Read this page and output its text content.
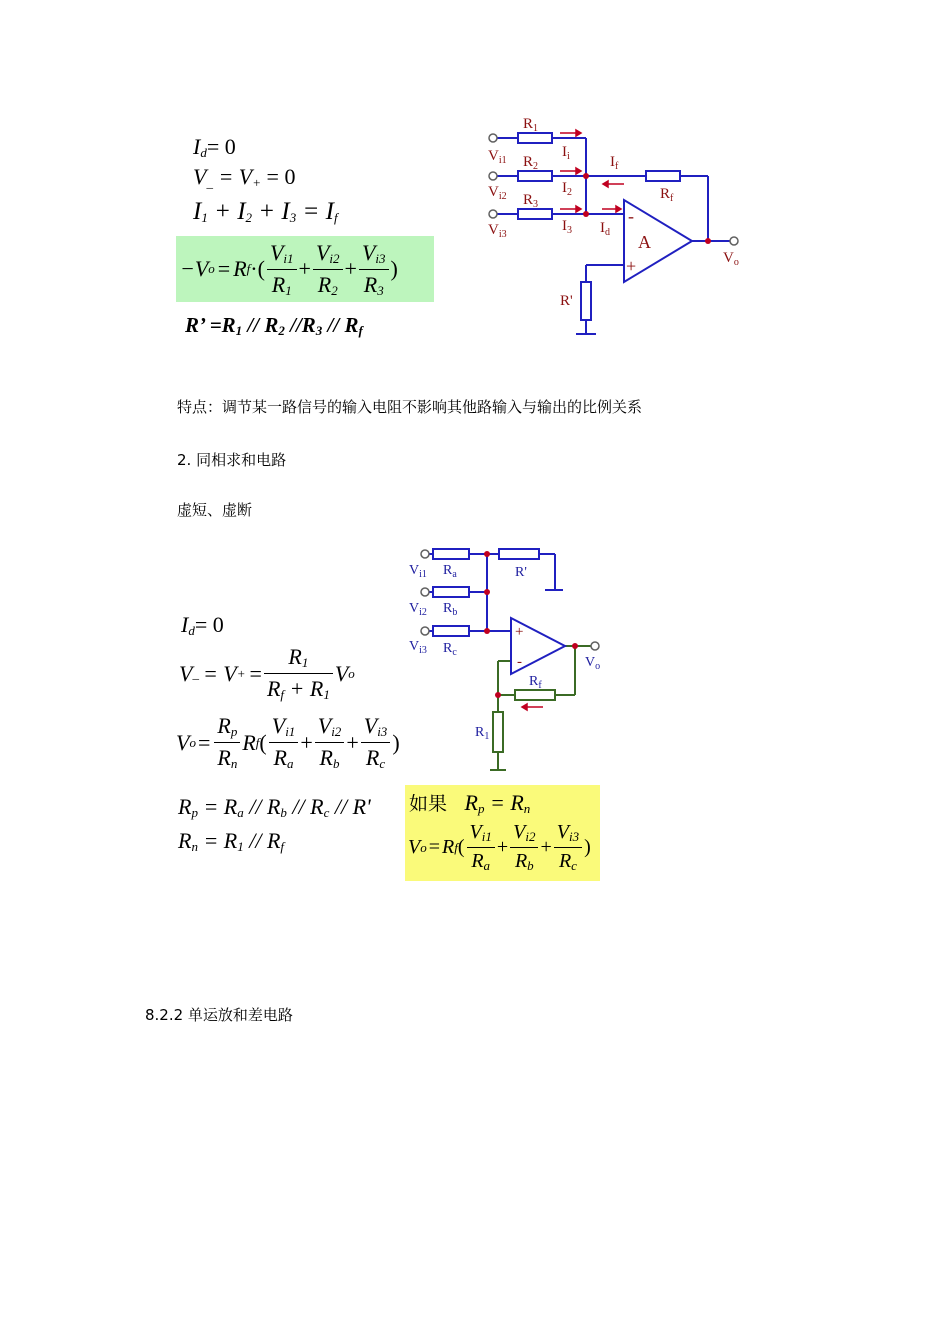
$I_d= 0$
$V_{\_} = V_+ = 0$
$I_1 + I_2 + I_3 = I_f$
−V o = R f ·( $\frac{V_{i1}}{R_1} + \frac{V_{i2}}{R_2} + \frac{V_{i3}}{R_3}$ )
R’ $=R_1 // R_2$ $//R_3 // R_f$
$R_1$
$I_i$
$V_{i1}$ $R_2$
$I_2$
$I_f$
$R_f$
$V_{i2}$ $R_3$
$I_3$
$V_{i3}$	$I_d$ A
-
+	$V_o$
R'
特点：调节某一路信号的输入电阻不影响其他路输入与输出的比例关系
2. 同相求和电路
虚短、虚断
$V_{i1}$ $R_a$	R'
$V_{i2}$ $R_b$
$V_{i3}$ $R_c$
+
-	$V_o$
$R_f$
$R_1$
$I_d= 0$
V _ = V + = $\frac{R_1}{R_f + R_1}$ V o
V $o = \frac{R_p}{R_n}$ R f ( $\frac{V_{i1}}{R_a} + \frac{V_{i2}}{R_b} + \frac{V_{i3}}{R_c}$ )
$R_p = R_a // R_b // R_c // R'$
$R_n = R_1 // R_f$
如果 $R_p = R_n$
V o = R f ( $\frac{V_{i1}}{R_a} + \frac{V_{i2}}{R_b} + \frac{V_{i3}}{R_c}$ )
8.2.2 单运放和差电路
